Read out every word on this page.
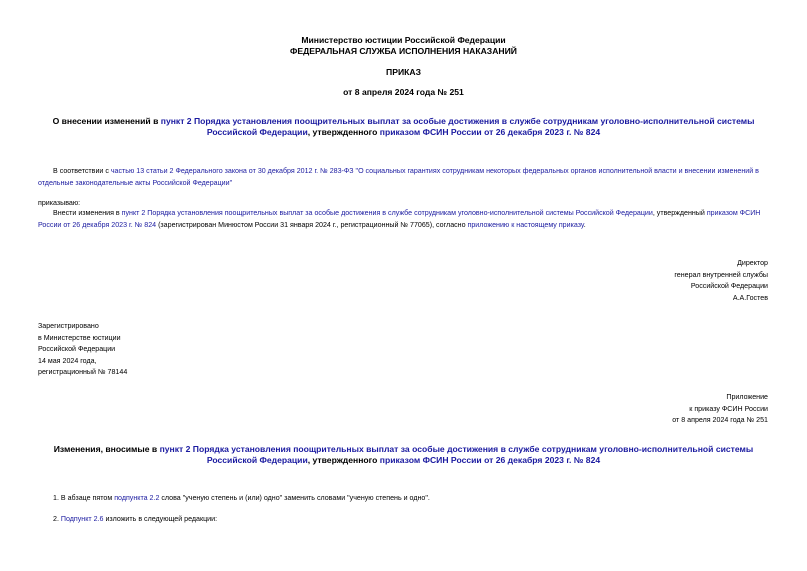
Министерство юстиции Российской Федерации
ФЕДЕРАЛЬНАЯ СЛУЖБА ИСПОЛНЕНИЯ НАКАЗАНИЙ
ПРИКАЗ
от 8 апреля 2024 года № 251
О внесении изменений в пункт 2 Порядка установления поощрительных выплат за особые достижения в службе сотрудникам уголовно-исполнительной системы Российской Федерации, утвержденного приказом ФСИН России от 26 декабря 2023 г. № 824
В соответствии с частью 13 статьи 2 Федерального закона от 30 декабря 2012 г. № 283-ФЗ "О социальных гарантиях сотрудникам некоторых федеральных органов исполнительной власти и внесении изменений в отдельные законодательные акты Российской Федерации"
приказываю:
Внести изменения в пункт 2 Порядка установления поощрительных выплат за особые достижения в службе сотрудникам уголовно-исполнительной системы Российской Федерации, утвержденный приказом ФСИН России от 26 декабря 2023 г. № 824 (зарегистрирован Минюстом России 31 января 2024 г., регистрационный № 77065), согласно приложению к настоящему приказу.
Директор
генерал внутренней службы
Российской Федерации
А.А.Гостев
Зарегистрировано
в Министерстве юстиции
Российской Федерации
14 мая 2024 года,
регистрационный № 78144
Приложение
к приказу ФСИН России
от 8 апреля 2024 года № 251
Изменения, вносимые в пункт 2 Порядка установления поощрительных выплат за особые достижения в службе сотрудникам уголовно-исполнительной системы Российской Федерации, утвержденного приказом ФСИН России от 26 декабря 2023 г. № 824
1. В абзаце пятом подпункта 2.2 слова "ученую степень и (или) одно" заменить словами "ученую степень и одно".
2. Подпункт 2.6 изложить в следующей редакции:
